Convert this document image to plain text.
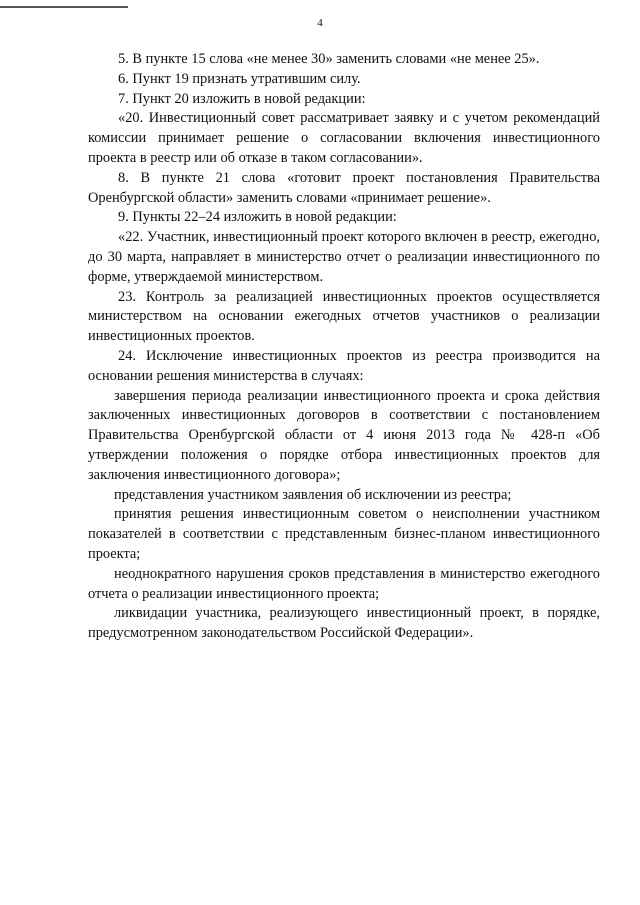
4

5. В пункте 15 слова «не менее 30» заменить словами «не менее 25».

6. Пункт 19 признать утратившим силу.

7. Пункт 20 изложить в новой редакции:

«20. Инвестиционный совет рассматривает заявку и с учетом рекомендаций комиссии принимает решение о согласовании включения инвестиционного проекта в реестр или об отказе в таком согласовании».

8. В пункте 21 слова «готовит проект постановления Правительства Оренбургской области» заменить словами «принимает решение».

9. Пункты 22–24 изложить в новой редакции:

«22. Участник, инвестиционный проект которого включен в реестр, ежегодно, до 30 марта, направляет в министерство отчет о реализации инвестиционного по форме, утверждаемой министерством.

23. Контроль за реализацией инвестиционных проектов осуществляется министерством на основании ежегодных отчетов участников о реализации инвестиционных проектов.

24. Исключение инвестиционных проектов из реестра производится на основании решения министерства в случаях:

завершения периода реализации инвестиционного проекта и срока действия заключенных инвестиционных договоров в соответствии с постановлением Правительства Оренбургской области от 4 июня 2013 года № 428-п «Об утверждении положения о порядке отбора инвестиционных проектов для заключения инвестиционного договора»;

представления участником заявления об исключении из реестра;

принятия решения инвестиционным советом о неисполнении участником показателей в соответствии с представленным бизнес-планом инвестиционного проекта;

неоднократного нарушения сроков представления в министерство ежегодного отчета о реализации инвестиционного проекта;

ликвидации участника, реализующего инвестиционный проект, в порядке, предусмотренном законодательством Российской Федерации».
